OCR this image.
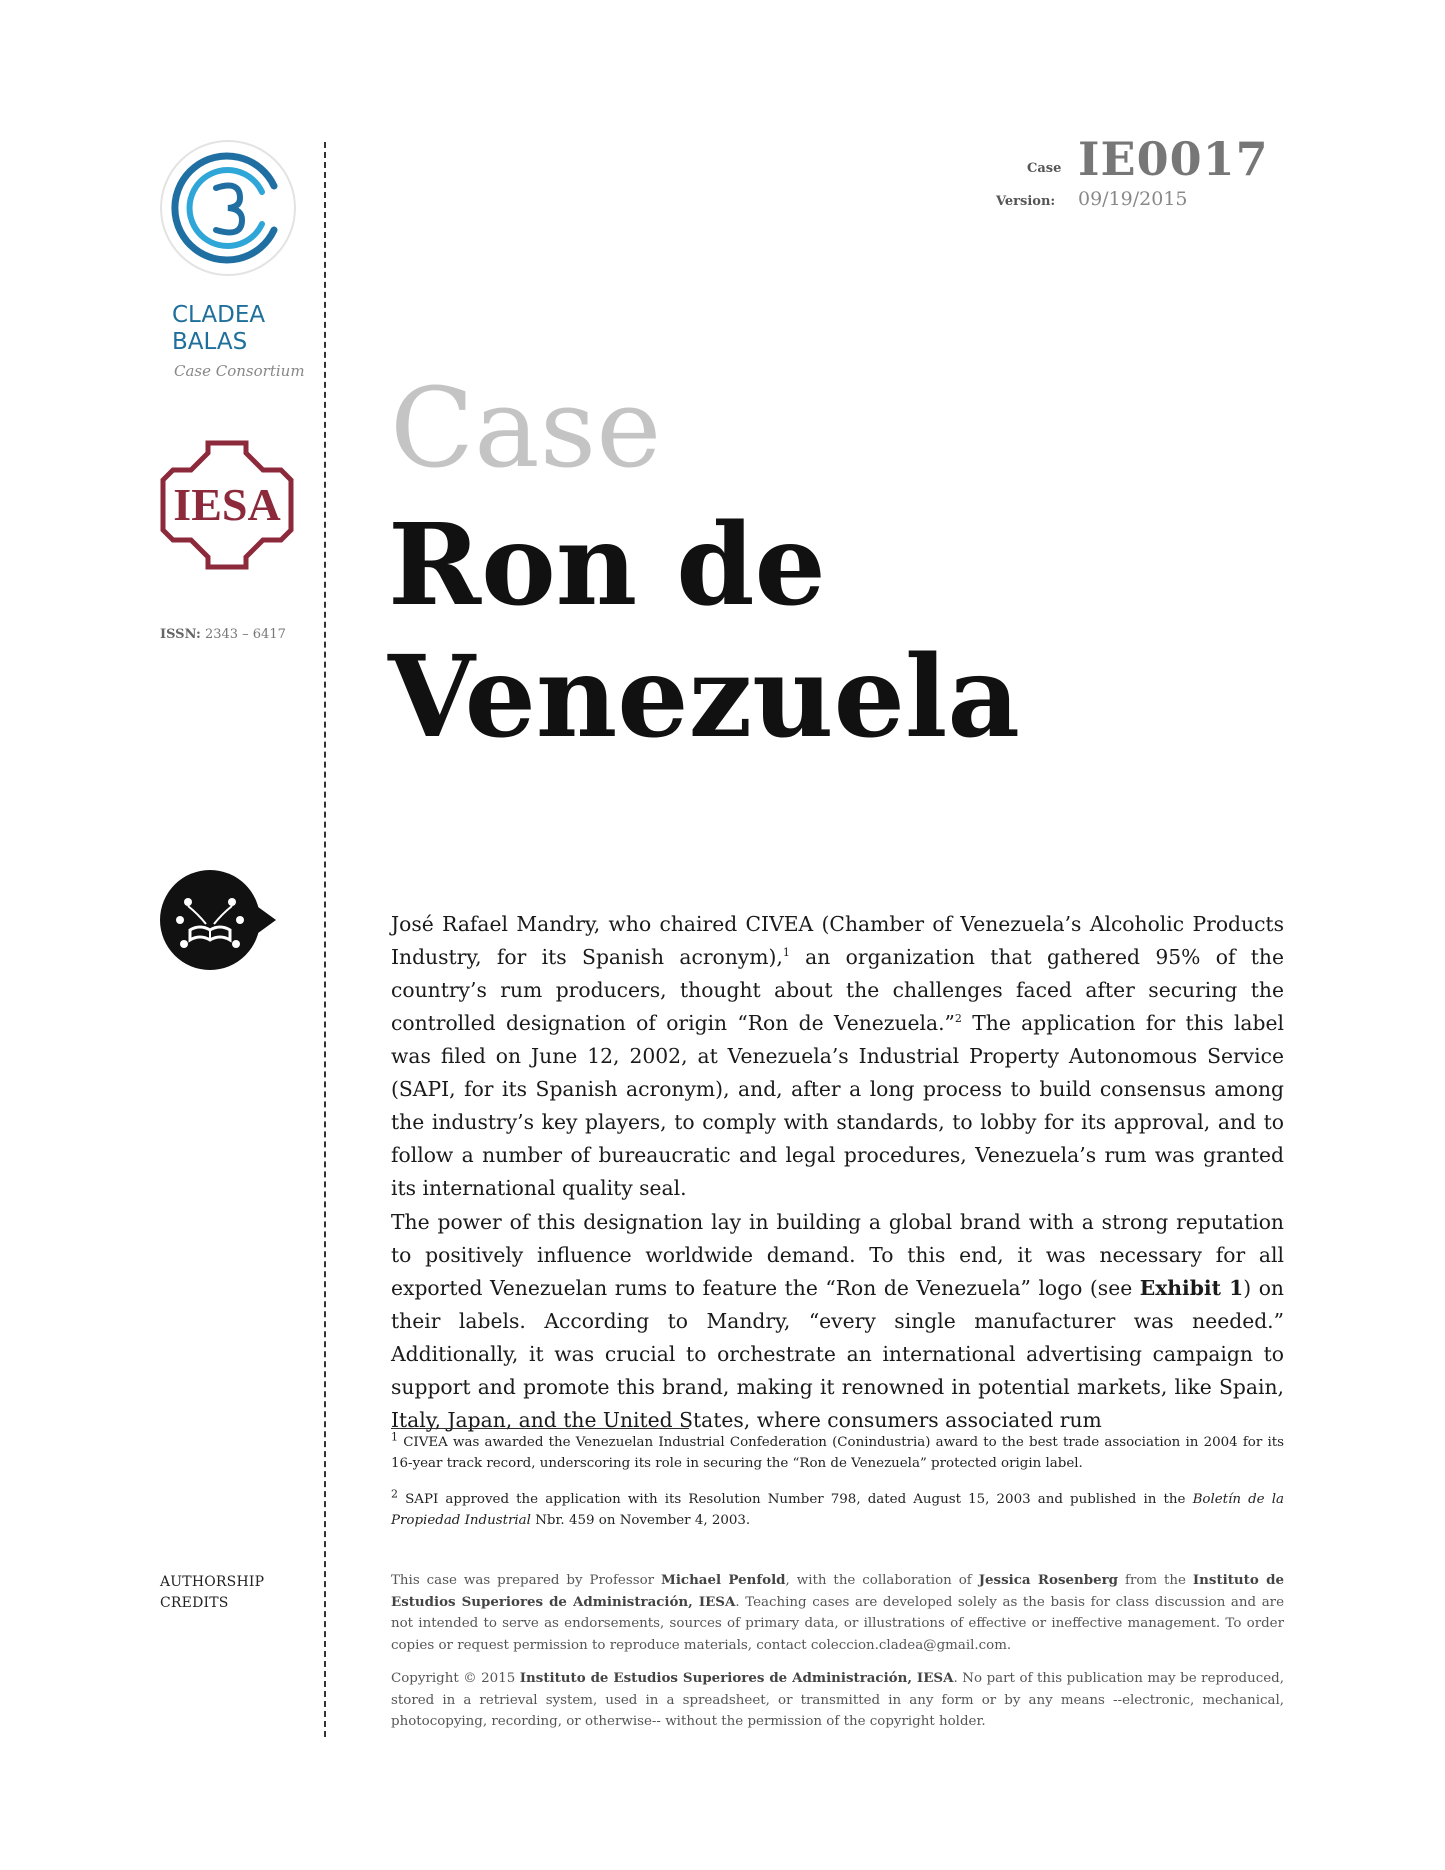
CLADEA
BALAS
Case Consortium
IESA
ISSN: 2343 – 6417
AUTHORSHIP
CREDITS
Case IE0017
Version: 09/19/2015
Case
Ron de
Venezuela
José Rafael Mandry, who chaired CIVEA (Chamber of Venezuela’s Alcoholic Products Industry, for its Spanish acronym),$^1$ an organization that gathered 95% of the country’s rum producers, thought about the challenges faced after securing the controlled designation of origin “Ron de Venezuela.”$^2$ The application for this label was filed on June 12, 2002, at Venezuela’s Industrial Property Autonomous Service (SAPI, for its Spanish acronym), and, after a long process to build consensus among the industry’s key players, to comply with standards, to lobby for its approval, and to follow a number of bureaucratic and legal procedures, Venezuela’s rum was granted its international quality seal.
The power of this designation lay in building a global brand with a strong reputation to positively influence worldwide demand. To this end, it was necessary for all exported Venezuelan rums to feature the “Ron de Venezuela” logo (see Exhibit 1) on their labels. According to Mandry, “every single manufacturer was needed.” Additionally, it was crucial to orchestrate an international advertising campaign to support and promote this brand, making it renowned in potential markets, like Spain, Italy, Japan, and the United States, where consumers associated rum
$^1$ CIVEA was awarded the Venezuelan Industrial Confederation (Conindustria) award to the best trade association in 2004 for its 16-year track record, underscoring its role in securing the “Ron de Venezuela” protected origin label.
$^2$ SAPI approved the application with its Resolution Number 798, dated August 15, 2003 and published in the Boletín de la Propiedad Industrial Nbr. 459 on November 4, 2003.
This case was prepared by Professor Michael Penfold, with the collaboration of Jessica Rosenberg from the Instituto de Estudios Superiores de Administración, IESA. Teaching cases are developed solely as the basis for class discussion and are not intended to serve as endorsements, sources of primary data, or illustrations of effective or ineffective management. To order copies or request permission to reproduce materials, contact coleccion.cladea@gmail.com.
Copyright © 2015 Instituto de Estudios Superiores de Administración, IESA. No part of this publication may be reproduced, stored in a retrieval system, used in a spreadsheet, or transmitted in any form or by any means --electronic, mechanical, photocopying, recording, or otherwise-- without the permission of the copyright holder.
